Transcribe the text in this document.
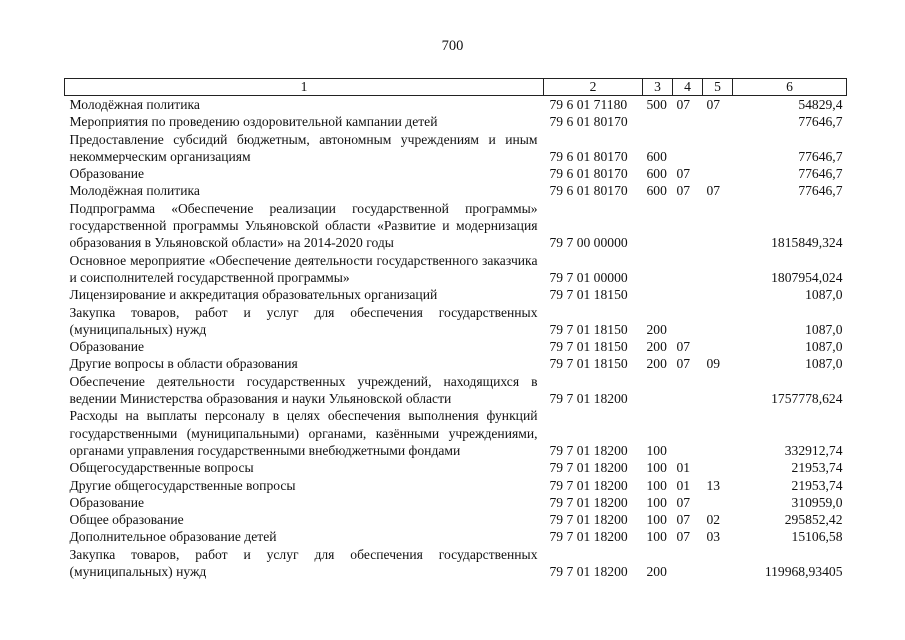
700
1	2	3	4	5	6
Молодёжная политика	79 6 01 71180	500	07	07	54829,4
Мероприятия по проведению оздоровительной кампании детей	79 6 01 80170				77646,7
Предоставление субсидий бюджетным, автономным учреждениям и иным некоммерческим организациям	79 6 01 80170	600			77646,7
Образование	79 6 01 80170	600	07		77646,7
Молодёжная политика	79 6 01 80170	600	07	07	77646,7
Подпрограмма «Обеспечение реализации государственной программы» государственной программы Ульяновской области «Развитие и модернизация образования в Ульяновской области» на 2014-2020 годы	79 7 00 00000				1815849,324
Основное мероприятие «Обеспечение деятельности государственного заказчика и соисполнителей государственной программы»	79 7 01 00000				1807954,024
Лицензирование и аккредитация образовательных организаций	79 7 01 18150				1087,0
Закупка товаров, работ и услуг для обеспечения государственных (муниципальных) нужд	79 7 01 18150	200			1087,0
Образование	79 7 01 18150	200	07		1087,0
Другие вопросы в области образования	79 7 01 18150	200	07	09	1087,0
Обеспечение деятельности государственных учреждений, находящихся в ведении Министерства образования и науки Ульяновской области	79 7 01 18200				1757778,624
Расходы на выплаты персоналу в целях обеспечения выполнения функций государственными (муниципальными) органами, казёнными учреждениями, органами управления государственными внебюджетными фондами	79 7 01 18200	100			332912,74
Общегосударственные вопросы	79 7 01 18200	100	01		21953,74
Другие общегосударственные вопросы	79 7 01 18200	100	01	13	21953,74
Образование	79 7 01 18200	100	07		310959,0
Общее образование	79 7 01 18200	100	07	02	295852,42
Дополнительное образование детей	79 7 01 18200	100	07	03	15106,58
Закупка товаров, работ и услуг для обеспечения государственных (муниципальных) нужд	79 7 01 18200	200			119968,93405
